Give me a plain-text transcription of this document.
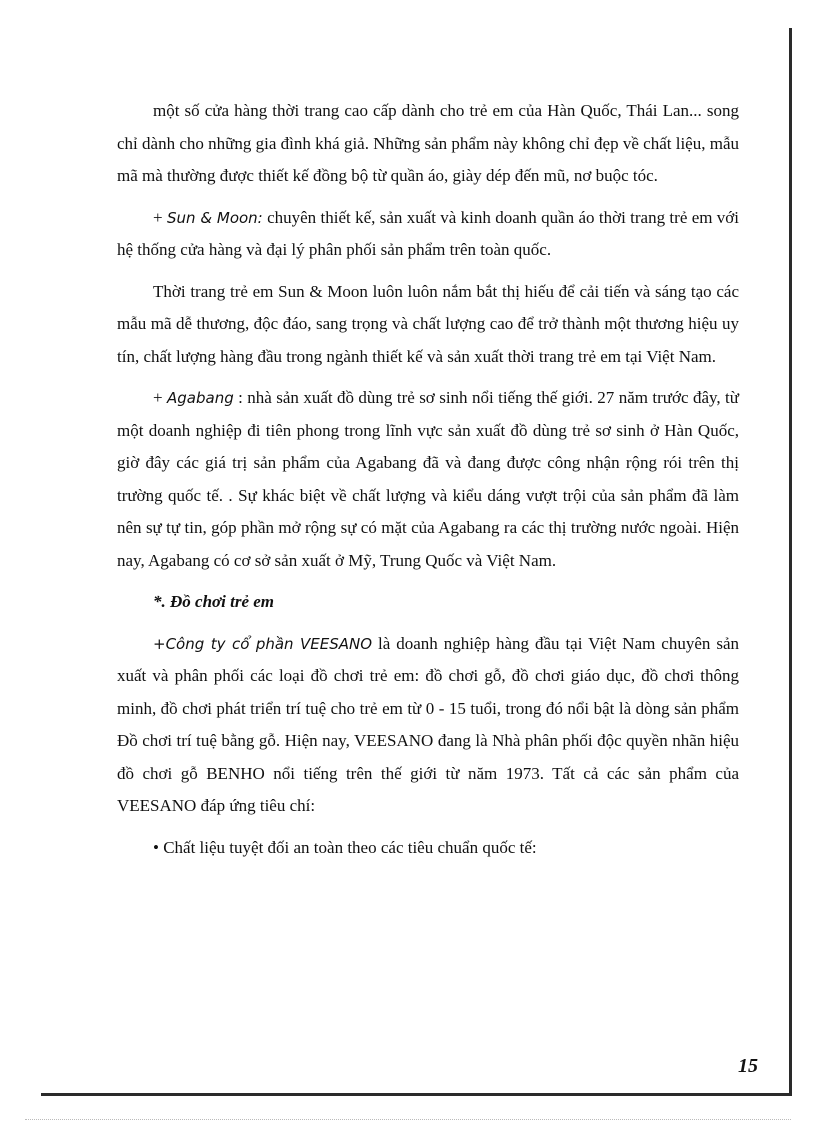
một số cửa hàng thời trang cao cấp dành cho trẻ em của Hàn Quốc, Thái Lan... song chỉ dành cho những gia đình khá giả. Những sản phẩm này không chỉ đẹp về chất liệu, mẫu mã mà thường được thiết kế đồng bộ từ quần áo, giày dép đến mũ, nơ buộc tóc.

+ Sun & Moon: chuyên thiết kế, sản xuất và kinh doanh quần áo thời trang trẻ em với hệ thống cửa hàng và đại lý phân phối sản phẩm trên toàn quốc.

Thời trang trẻ em Sun & Moon luôn luôn nắm bắt thị hiếu để cải tiến và sáng tạo các mẫu mã dễ thương, độc đáo, sang trọng và chất lượng cao để trở thành một thương hiệu uy tín, chất lượng hàng đầu trong ngành thiết kế và sản xuất thời trang trẻ em tại Việt Nam.

+ Agabang : nhà sản xuất đồ dùng trẻ sơ sinh nổi tiếng thế giới. 27 năm trước đây, từ một doanh nghiệp đi tiên phong trong lĩnh vực sản xuất đồ dùng trẻ sơ sinh ở Hàn Quốc, giờ đây các giá trị sản phẩm của Agabang đã và đang được công nhận rộng rói trên thị trường quốc tế. . Sự khác biệt về chất lượng và kiểu dáng vượt trội của sản phẩm đã làm nên sự tự tin, góp phần mở rộng sự có mặt của Agabang ra các thị trường nước ngoài. Hiện nay, Agabang có cơ sở sản xuất ở Mỹ, Trung Quốc và Việt Nam.

*. Đồ chơi trẻ em

+Công ty cổ phần VEESANO là doanh nghiệp hàng đầu tại Việt Nam chuyên sản xuất và phân phối các loại đồ chơi trẻ em: đồ chơi gỗ, đồ chơi giáo dục, đồ chơi thông minh, đồ chơi phát triển trí tuệ cho trẻ em từ 0 - 15 tuổi, trong đó nổi bật là dòng sản phẩm Đồ chơi trí tuệ bằng gỗ. Hiện nay, VEESANO đang là Nhà phân phối độc quyền nhãn hiệu đồ chơi gỗ BENHO nổi tiếng trên thế giới từ năm 1973. Tất cả các sản phẩm của VEESANO đáp ứng tiêu chí:

• Chất liệu tuyệt đối an toàn theo các tiêu chuẩn quốc tế:

15
